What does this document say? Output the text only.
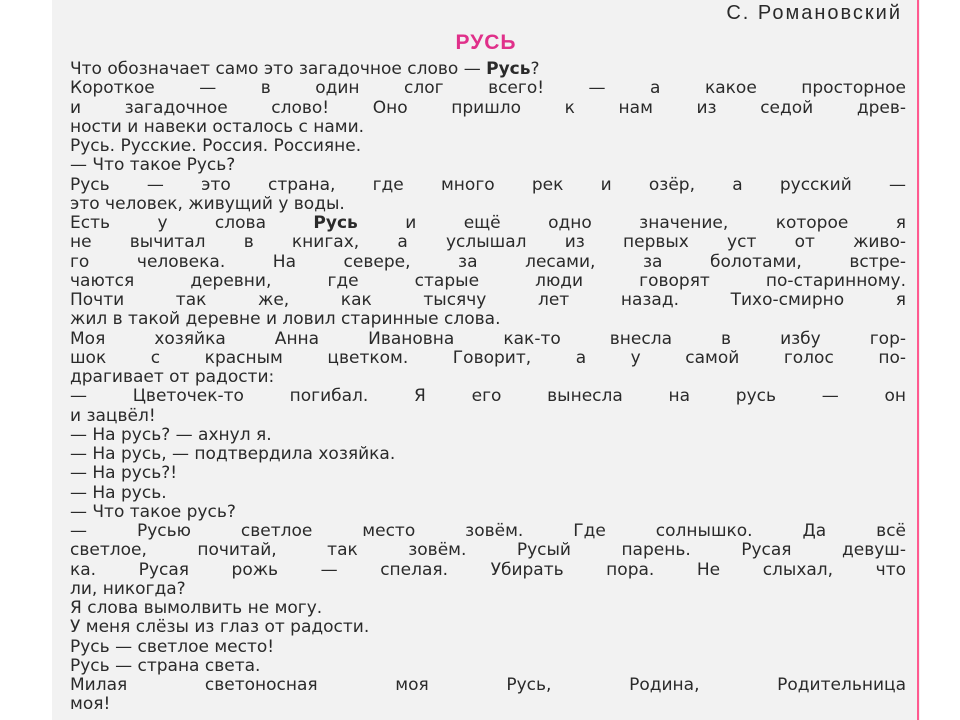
С. Романовский
РУСЬ
Что обозначает само это загадочное слово — Русь?
Короткое — в один слог всего! — а какое просторное
и загадочное слово! Оно пришло к нам из седой древ-
ности и навеки осталось с нами.
Русь. Русские. Россия. Россияне.
— Что такое Русь?
Русь — это страна, где много рек и озёр, а русский —
это человек, живущий у воды.
Есть у слова Русь и ещё одно значение, которое я
не вычитал в книгах, а услышал из первых уст от живо-
го человека. На севере, за лесами, за болотами, встре-
чаются деревни, где старые люди говорят по-старинному.
Почти так же, как тысячу лет назад. Тихо-смирно я
жил в такой деревне и ловил старинные слова.
Моя хозяйка Анна Ивановна как-то внесла в избу гор-
шок с красным цветком. Говорит, а у самой голос по-
драгивает от радости:
— Цветочек-то погибал. Я его вынесла на русь — он
и зацвёл!
— На русь? — ахнул я.
— На русь, — подтвердила хозяйка.
— На русь?!
— На русь.
— Что такое русь?
— Русью светлое место зовём. Где солнышко. Да всё
светлое, почитай, так зовём. Русый парень. Русая девуш-
ка. Русая рожь — спелая. Убирать пора. Не слыхал, что
ли, никогда?
Я слова вымолвить не могу.
У меня слёзы из глаз от радости.
Русь — светлое место!
Русь — страна света.
Милая светоносная моя Русь, Родина, Родительница
моя!
